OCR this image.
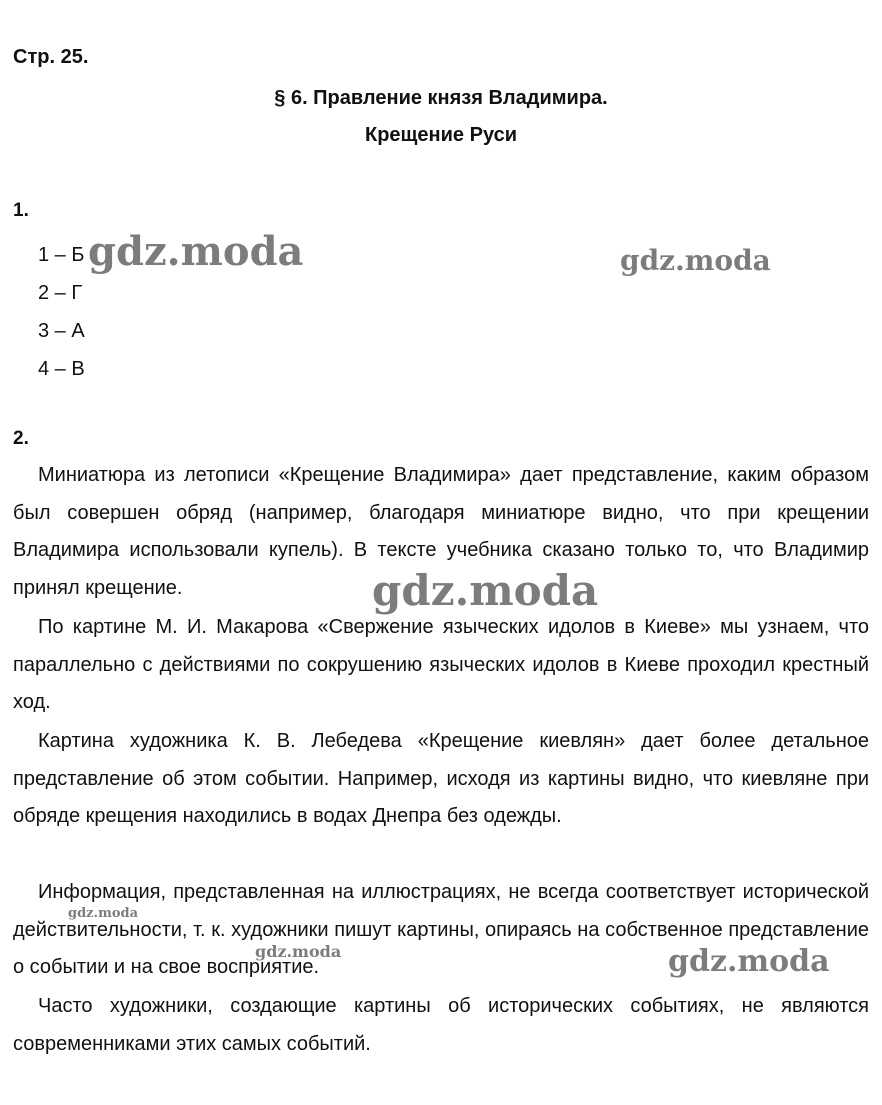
Стр. 25.

§ 6. Правление князя Владимира.

Крещение Руси

1.

1 – Б
2 – Г
3 – А
4 – В

2.

Миниатюра из летописи «Крещение Владимира» дает представление, каким образом был совершен обряд (например, благодаря миниатюре видно, что при крещении Владимира использовали купель). В тексте учебника сказано только то, что Владимир принял крещение.

По картине М. И. Макарова «Свержение языческих идолов в Киеве» мы узнаем, что параллельно с действиями по сокрушению языческих идолов в Киеве проходил крестный ход.

Картина художника К. В. Лебедева «Крещение киевлян» дает более детальное представление об этом событии. Например, исходя из картины видно, что киевляне при обряде крещения находились в водах Днепра без одежды.

Информация, представленная на иллюстрациях, не всегда соответствует исторической действительности, т. к. художники пишут картины, опираясь на собственное представление о событии и на свое восприятие.

Часто художники, создающие картины об исторических событиях, не являются современниками этих самых событий.

gdz.moda	gdz.moda
gdz.moda
gdz.moda
gdz.moda	gdz.moda
